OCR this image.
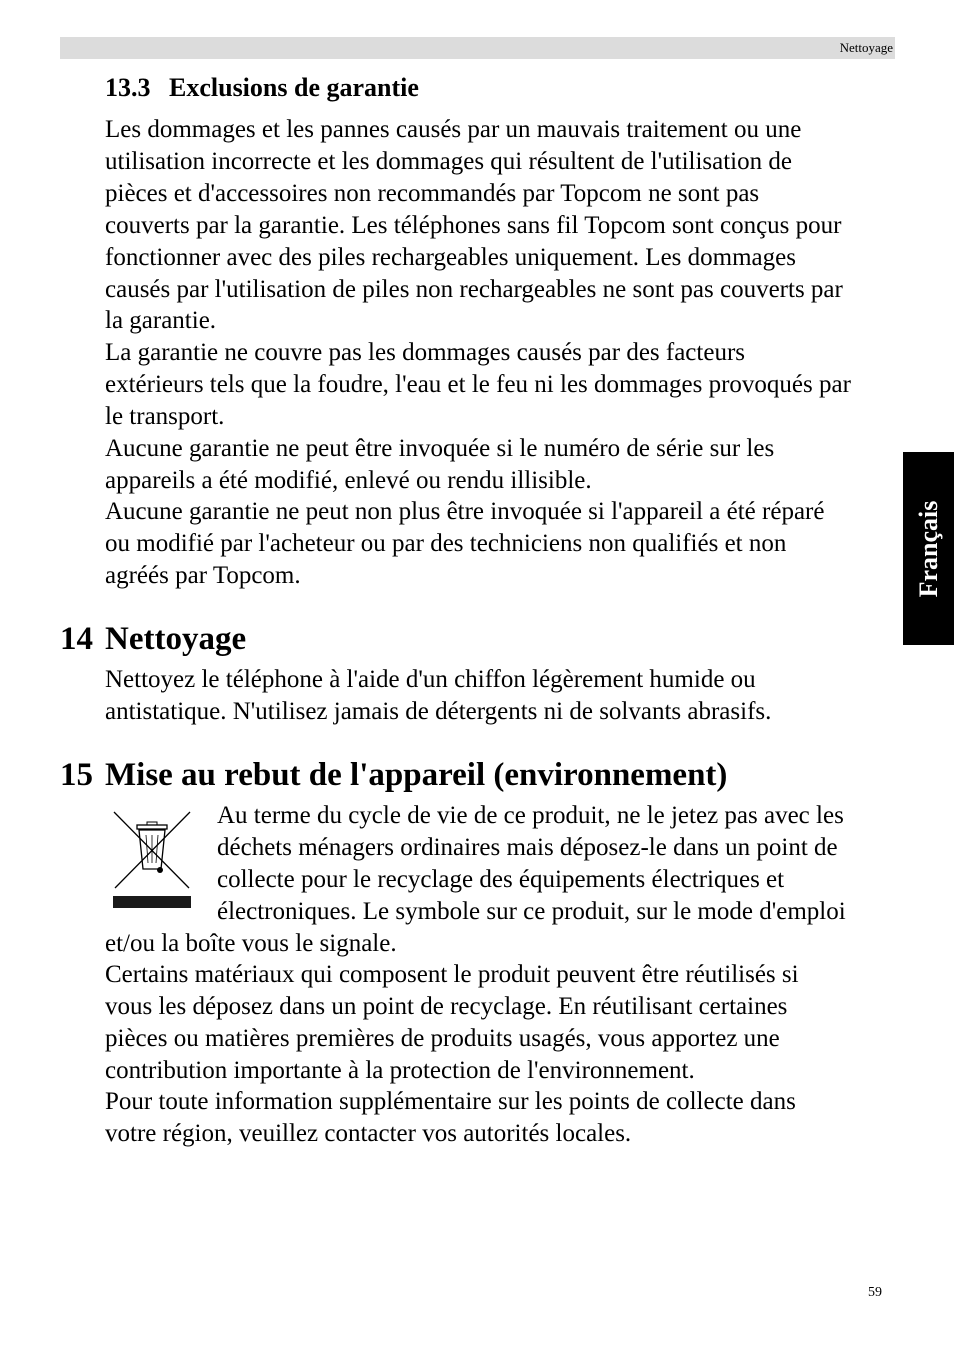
Nettoyage
Français
13.3 Exclusions de garantie
Les dommages et les pannes causés par un mauvais traitement ou une
utilisation incorrecte et les dommages qui résultent de l'utilisation de
pièces et d'accessoires non recommandés par Topcom ne sont pas
couverts par la garantie. Les téléphones sans fil Topcom sont conçus pour
fonctionner avec des piles rechargeables uniquement. Les dommages
causés par l'utilisation de piles non rechargeables ne sont pas couverts par
la garantie.
La garantie ne couvre pas les dommages causés par des facteurs
extérieurs tels que la foudre, l'eau et le feu ni les dommages provoqués par
le transport.
Aucune garantie ne peut être invoquée si le numéro de série sur les
appareils a été modifié, enlevé ou rendu illisible.
Aucune garantie ne peut non plus être invoquée si l'appareil a été réparé
ou modifié par l'acheteur ou par des techniciens non qualifiés et non
agréés par Topcom.
14 Nettoyage
Nettoyez le téléphone à l'aide d'un chiffon légèrement humide ou
antistatique. N'utilisez jamais de détergents ni de solvants abrasifs.
15 Mise au rebut de l'appareil (environnement)
Au terme du cycle de vie de ce produit, ne le jetez pas avec les
déchets ménagers ordinaires mais déposez-le dans un point de
collecte pour le recyclage des équipements électriques et
électroniques. Le symbole sur ce produit, sur le mode d'emploi
et/ou la boîte vous le signale.
Certains matériaux qui composent le produit peuvent être réutilisés si
vous les déposez dans un point de recyclage. En réutilisant certaines
pièces ou matières premières de produits usagés, vous apportez une
contribution importante à la protection de l'environnement.
Pour toute information supplémentaire sur les points de collecte dans
votre région, veuillez contacter vos autorités locales.
59
